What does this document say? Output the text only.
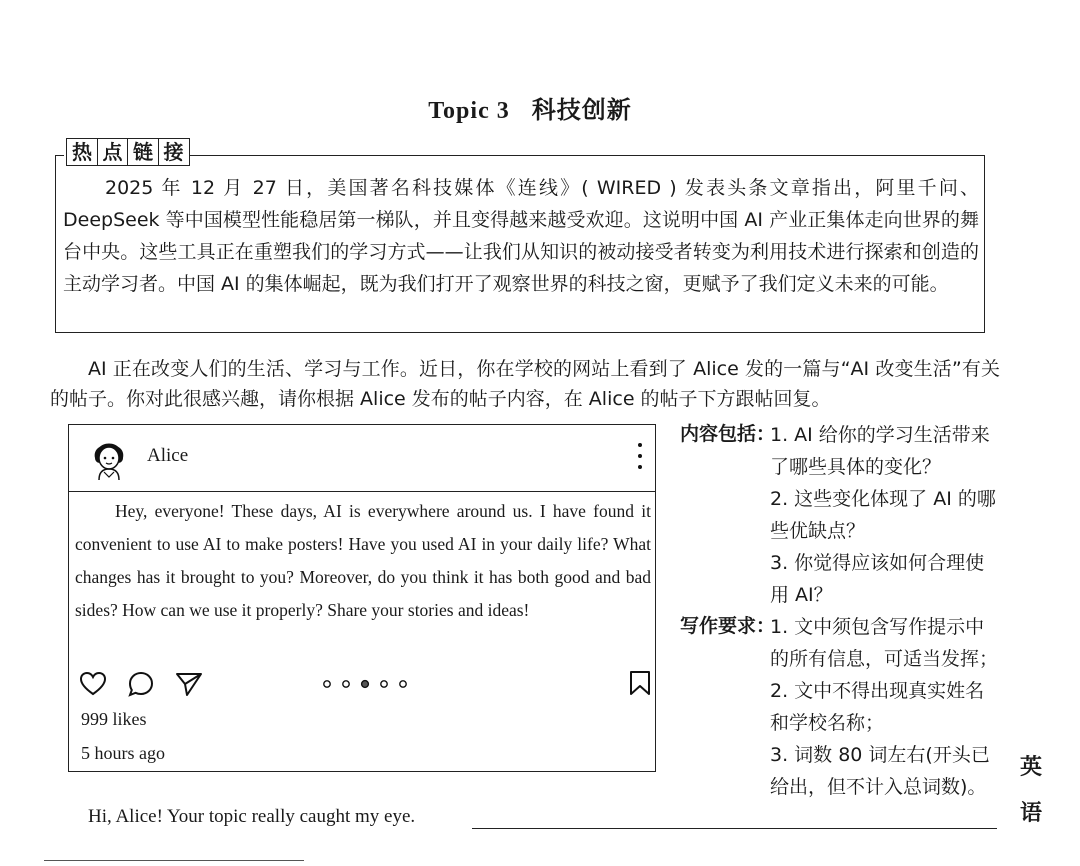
Topic 3 科技创新
热 点 链 接
2025 年 12 月 27 日，美国著名科技媒体《连线》( WIRED ) 发表头条文章指出，阿里千问、DeepSeek 等中国模型性能稳居第一梯队，并且变得越来越受欢迎。这说明中国 AI 产业正集体走向世界的舞台中央。这些工具正在重塑我们的学习方式——让我们从知识的被动接受者转变为利用技术进行探索和创造的主动学习者。中国 AI 的集体崛起，既为我们打开了观察世界的科技之窗，更赋予了我们定义未来的可能。
AI 正在改变人们的生活、学习与工作。近日，你在学校的网站上看到了 Alice 发的一篇与“AI 改变生活”有关的帖子。你对此很感兴趣，请你根据 Alice 发布的帖子内容，在 Alice 的帖子下方跟帖回复。
Alice
Hey, everyone! These days, AI is everywhere around us. I have found it convenient to use AI to make posters! Have you used AI in your daily life? What changes has it brought to you? Moreover, do you think it has both good and bad sides? How can we use it properly? Share your stories and ideas!
999 likes
5 hours ago
内容包括：

1. AI 给你的学习生活带来了哪些具体的变化？

2. 这些变化体现了 AI 的哪些优缺点？

3. 你觉得应该如何合理使用 AI？

写作要求：

1. 文中须包含写作提示中的所有信息，可适当发挥；

2. 文中不得出现真实姓名和学校名称；

3. 词数 80 词左右(开头已给出，但不计入总词数)。

英
语
Hi, Alice! Your topic really caught my eye.
